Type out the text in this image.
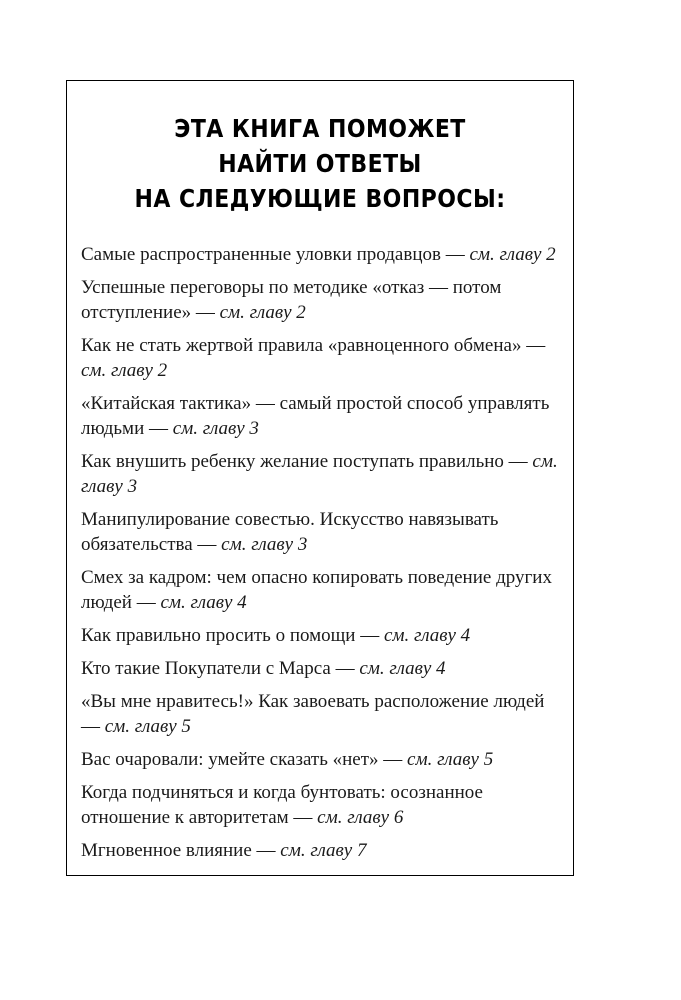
ЭТА КНИГА ПОМОЖЕТ
НАЙТИ ОТВЕТЫ
НА СЛЕДУЮЩИЕ ВОПРОСЫ:
Самые распространенные уловки продавцов — см. главу 2
Успешные переговоры по методике «отказ — потом отступление» — см. главу 2
Как не стать жертвой правила «равноценного обмена» — см. главу 2
«Китайская тактика» — самый простой способ управлять людьми — см. главу 3
Как внушить ребенку желание поступать правильно — см. главу 3
Манипулирование совестью. Искусство навязывать обязательства — см. главу 3
Смех за кадром: чем опасно копировать поведение других людей — см. главу 4
Как правильно просить о помощи — см. главу 4
Кто такие Покупатели с Марса — см. главу 4
«Вы мне нравитесь!» Как завоевать расположение людей — см. главу 5
Вас очаровали: умейте сказать «нет» — см. главу 5
Когда подчиняться и когда бунтовать: осознанное отношение к авторитетам — см. главу 6
Мгновенное влияние — см. главу 7
